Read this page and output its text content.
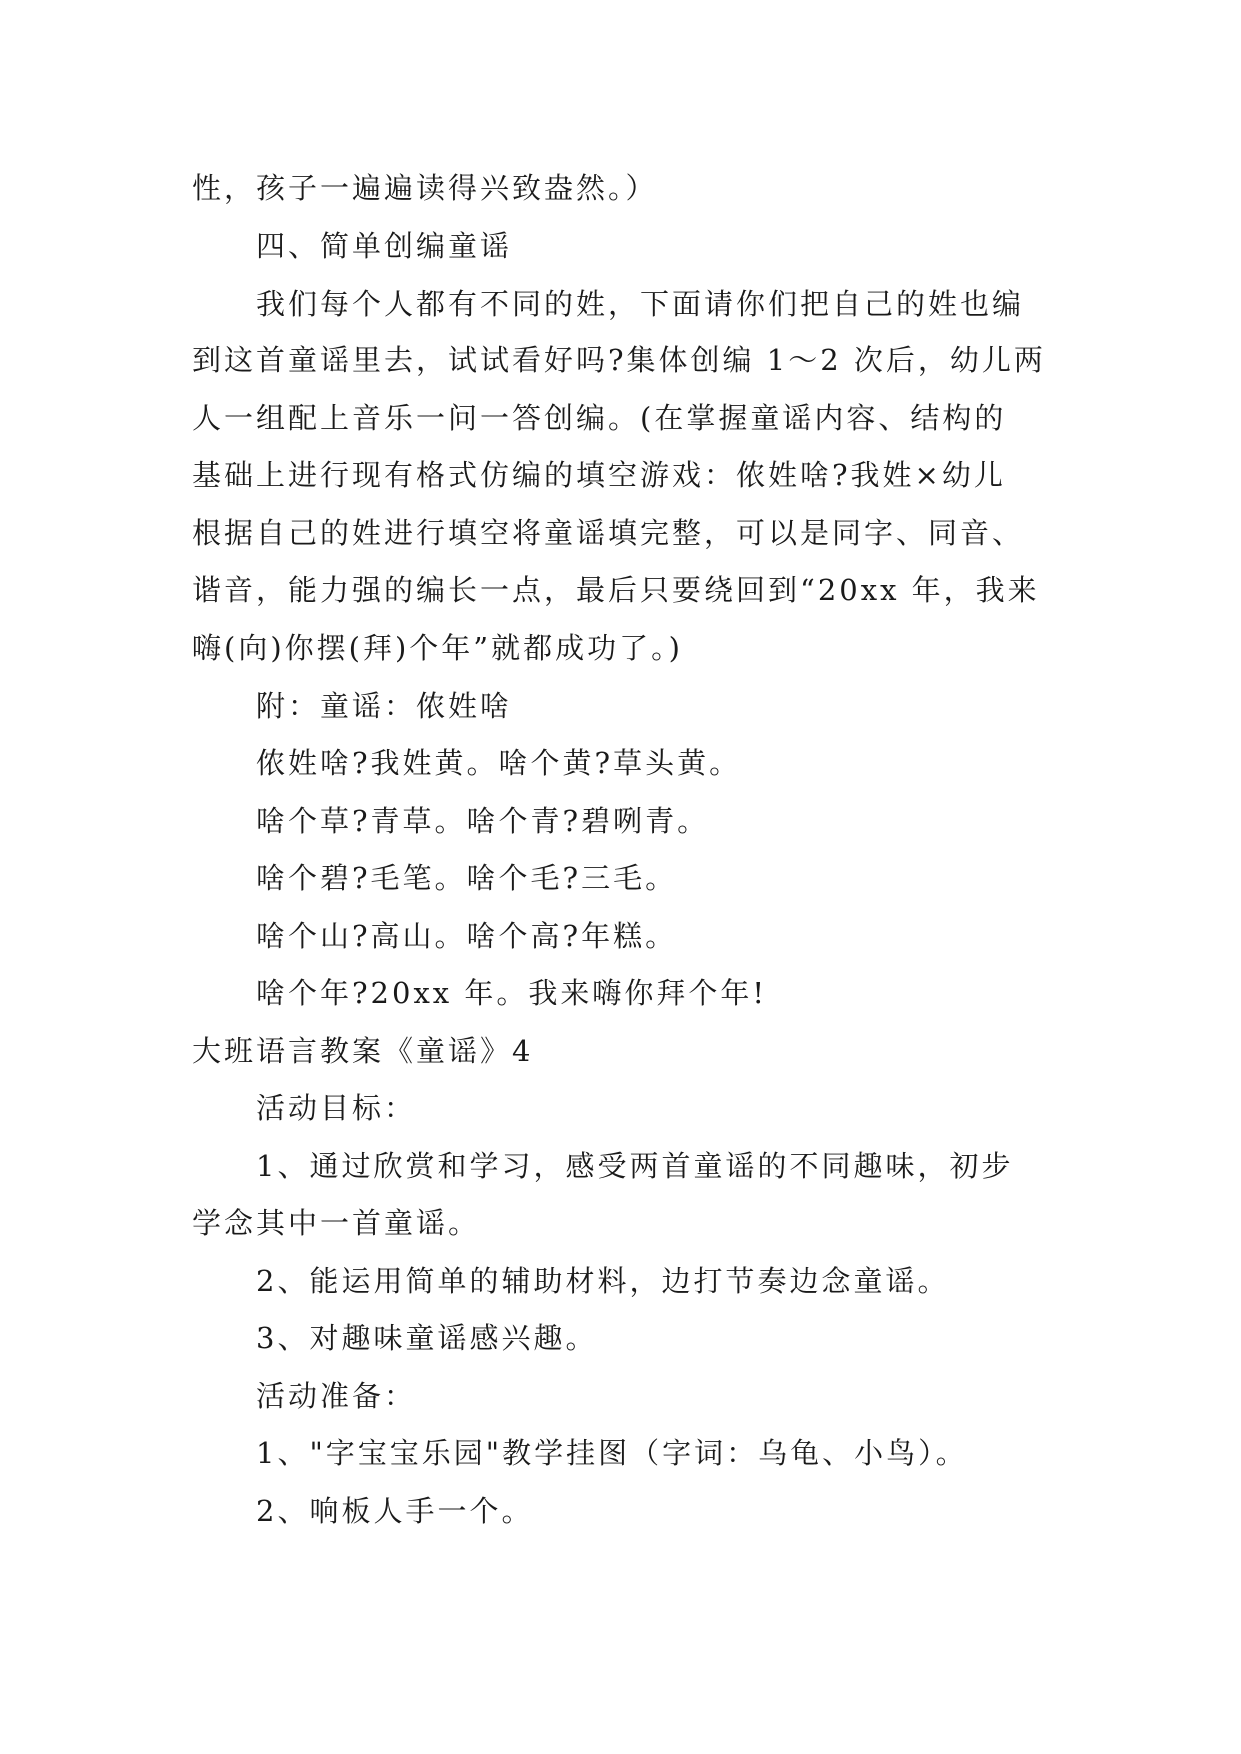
性，孩子一遍遍读得兴致盎然。）
四、简单创编童谣
我们每个人都有不同的姓，下面请你们把自己的姓也编
到这首童谣里去，试试看好吗?集体创编 1～2 次后，幼儿两
人一组配上音乐一问一答创编。(在掌握童谣内容、结构的
基础上进行现有格式仿编的填空游戏：侬姓啥?我姓×幼儿
根据自己的姓进行填空将童谣填完整，可以是同字、同音、
谐音，能力强的编长一点，最后只要绕回到“20xx 年，我来
嗨(向)你摆(拜)个年”就都成功了。)
附：童谣：侬姓啥
侬姓啥?我姓黄。啥个黄?草头黄。
啥个草?青草。啥个青?碧咧青。
啥个碧?毛笔。啥个毛?三毛。
啥个山?高山。啥个高?年糕。
啥个年?20xx 年。我来嗨你拜个年!
大班语言教案《童谣》4
活动目标：
1、通过欣赏和学习，感受两首童谣的不同趣味，初步
学念其中一首童谣。
2、能运用简单的辅助材料，边打节奏边念童谣。
3、对趣味童谣感兴趣。
活动准备：
1、"字宝宝乐园"教学挂图（字词：乌龟、小鸟）。
2、响板人手一个。
